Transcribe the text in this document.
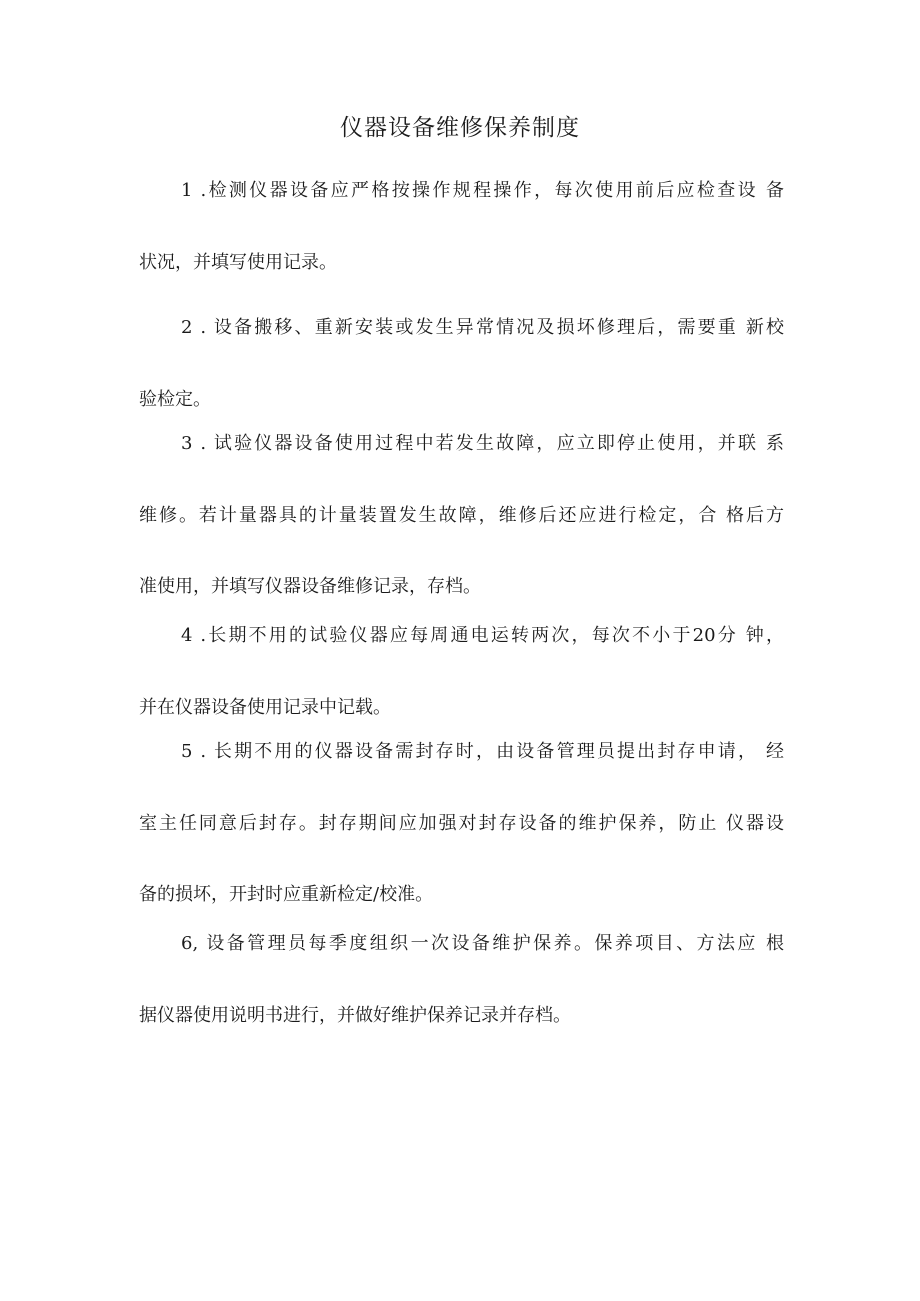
仪器设备维修保养制度
1 .检测仪器设备应严格按操作规程操作，每次使用前后应检查设 备
状况，并填写使用记录。
2 . 设备搬移、重新安装或发生异常情况及损坏修理后，需要重 新校
验检定。
3 . 试验仪器设备使用过程中若发生故障，应立即停止使用，并联 系
维修。若计量器具的计量装置发生故障，维修后还应进行检定，合 格后方
准使用，并填写仪器设备维修记录，存档。
4 .长期不用的试验仪器应每周通电运转两次，每次不小于20分 钟，
并在仪器设备使用记录中记载。
5 . 长期不用的仪器设备需封存时，由设备管理员提出封存申请， 经
室主任同意后封存。封存期间应加强对封存设备的维护保养，防止 仪器设
备的损坏，开封时应重新检定/校准。
6, 设备管理员每季度组织一次设备维护保养。保养项目、方法应 根
据仪器使用说明书进行，并做好维护保养记录并存档。
